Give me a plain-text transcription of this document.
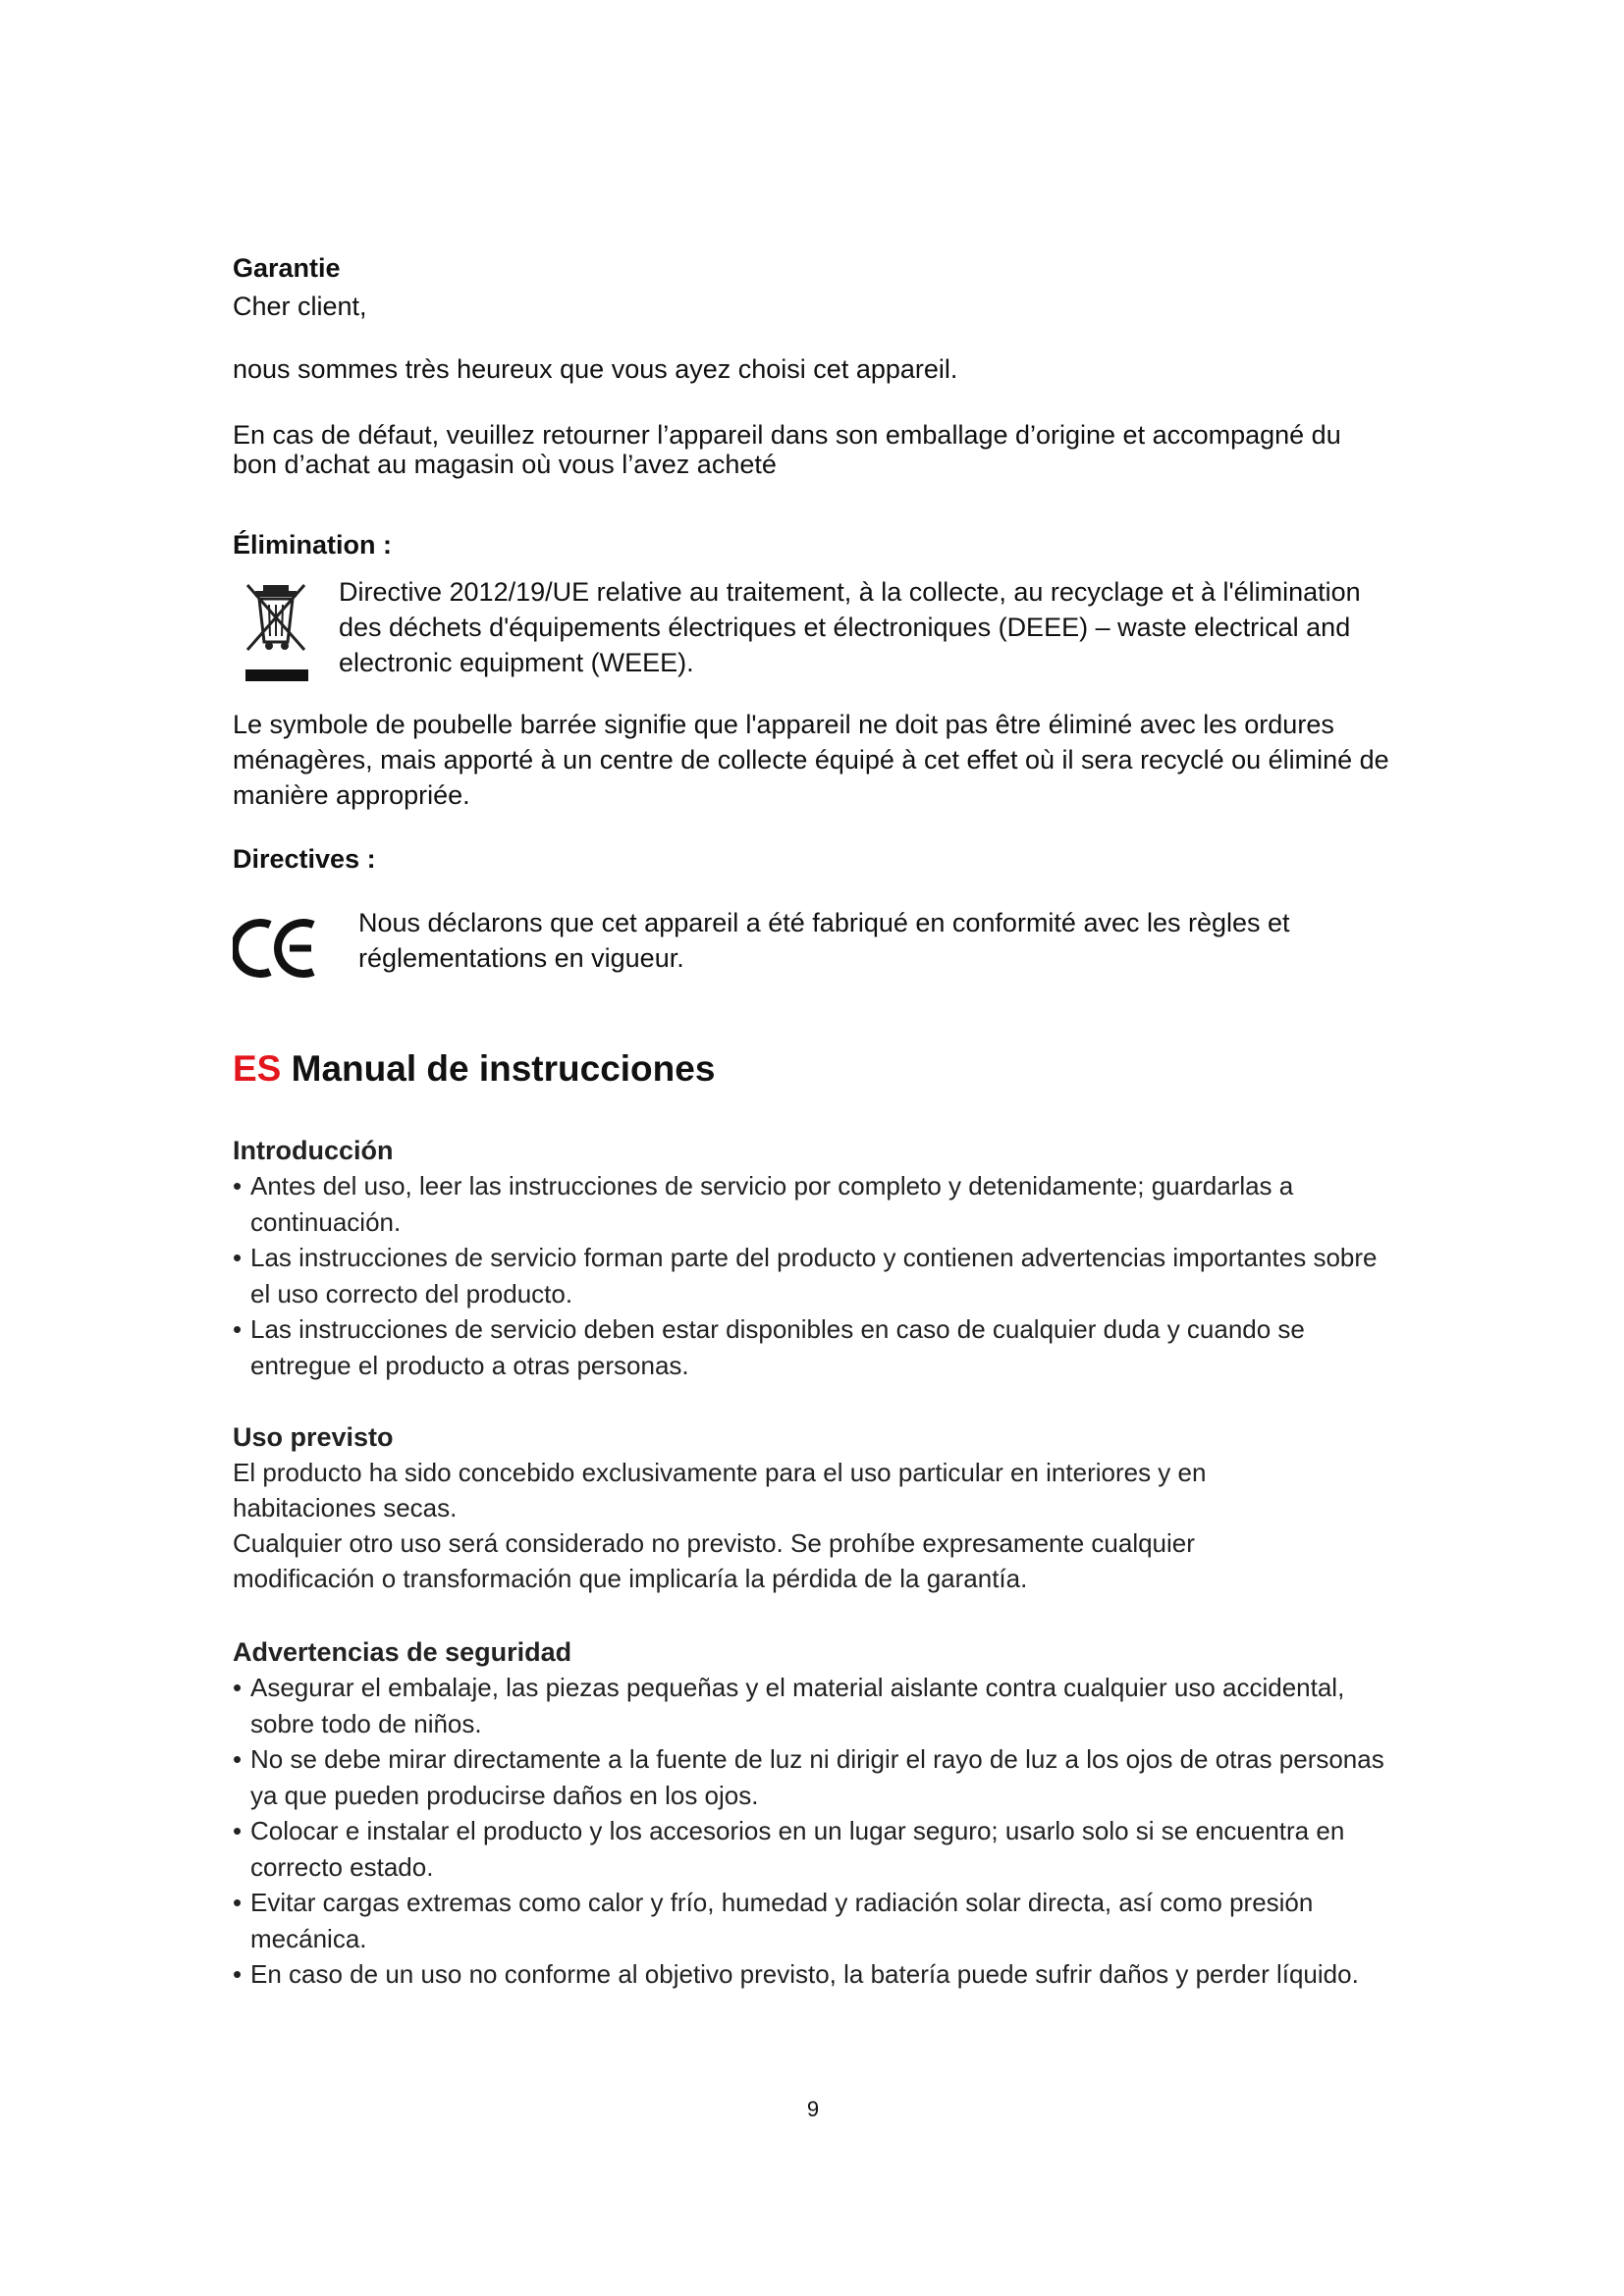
Garantie
Cher client,
nous sommes très heureux que vous ayez choisi cet appareil.
En cas de défaut, veuillez retourner l’appareil dans son emballage d’origine et accompagné du bon d’achat au magasin où vous l’avez acheté
Élimination :
Directive 2012/19/UE relative au traitement, à la collecte, au recyclage et à l'élimination des déchets d'équipements électriques et électroniques (DEEE) – waste electrical and electronic equipment (WEEE).
Le symbole de poubelle barrée signifie que l'appareil ne doit pas être éliminé avec les ordures ménagères, mais apporté à un centre de collecte équipé à cet effet où il sera recyclé ou éliminé de manière appropriée.
Directives :
Nous déclarons que cet appareil a été fabriqué en conformité avec les règles et réglementations en vigueur.
ES Manual de instrucciones
Introducción
• Antes del uso, leer las instrucciones de servicio por completo y detenidamente; guardarlas a continuación.
• Las instrucciones de servicio forman parte del producto y contienen advertencias importantes sobre el uso correcto del producto.
• Las instrucciones de servicio deben estar disponibles en caso de cualquier duda y cuando se entregue el producto a otras personas.
Uso previsto
El producto ha sido concebido exclusivamente para el uso particular en interiores y en habitaciones secas.
Cualquier otro uso será considerado no previsto. Se prohíbe expresamente cualquier modificación o transformación que implicaría la pérdida de la garantía.
Advertencias de seguridad
• Asegurar el embalaje, las piezas pequeñas y el material aislante contra cualquier uso accidental, sobre todo de niños.
• No se debe mirar directamente a la fuente de luz ni dirigir el rayo de luz a los ojos de otras personas ya que pueden producirse daños en los ojos.
• Colocar e instalar el producto y los accesorios en un lugar seguro; usarlo solo si se encuentra en correcto estado.
• Evitar cargas extremas como calor y frío, humedad y radiación solar directa, así como presión mecánica.
• En caso de un uso no conforme al objetivo previsto, la batería puede sufrir daños y perder líquido.
9
